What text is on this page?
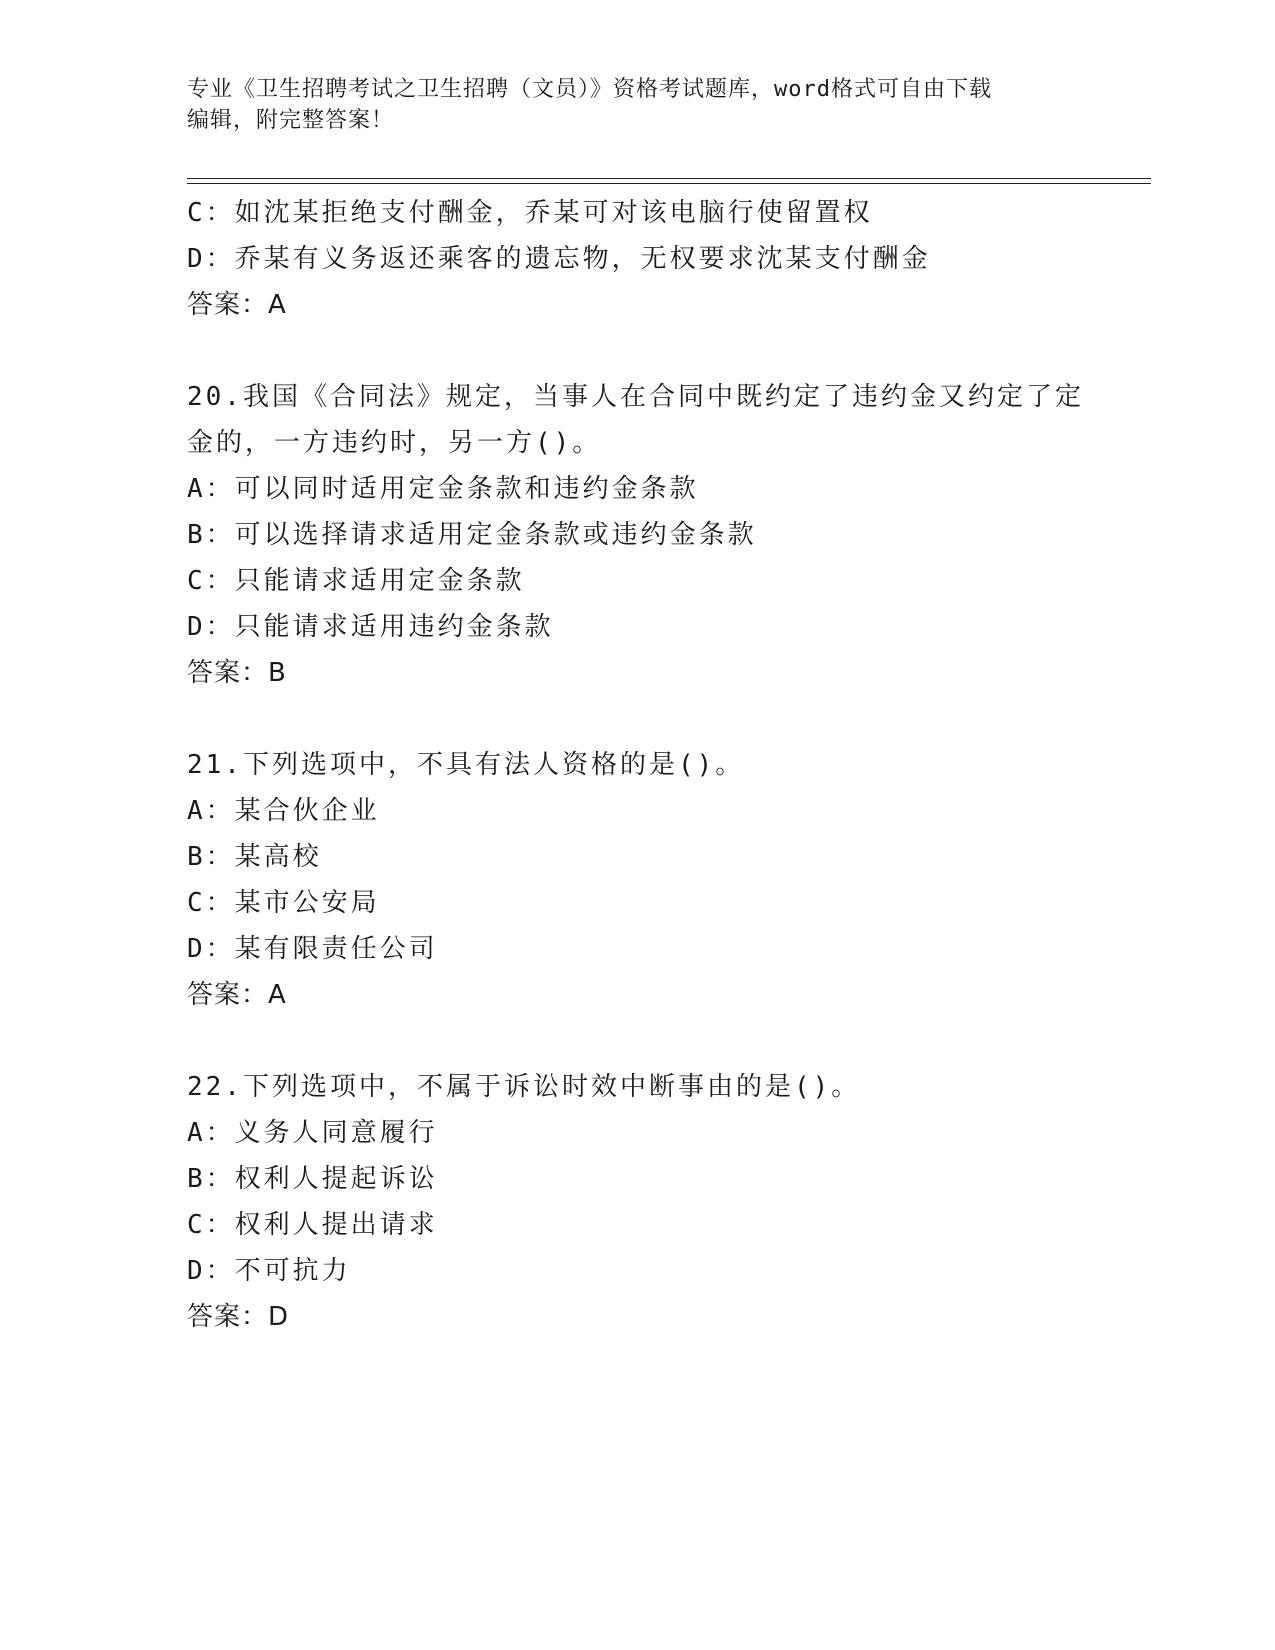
专业《卫生招聘考试之卫生招聘（文员）》资格考试题库，word格式可自由下载
编辑，附完整答案！
C：如沈某拒绝支付酬金，乔某可对该电脑行使留置权
D：乔某有义务返还乘客的遗忘物，无权要求沈某支付酬金
答案：A
20.我国《合同法》规定，当事人在合同中既约定了违约金又约定了定
金的，一方违约时，另一方()。
A：可以同时适用定金条款和违约金条款
B：可以选择请求适用定金条款或违约金条款
C：只能请求适用定金条款
D：只能请求适用违约金条款
答案：B
21.下列选项中，不具有法人资格的是()。
A：某合伙企业
B：某高校
C：某市公安局
D：某有限责任公司
答案：A
22.下列选项中，不属于诉讼时效中断事由的是()。
A：义务人同意履行
B：权利人提起诉讼
C：权利人提出请求
D：不可抗力
答案：D
